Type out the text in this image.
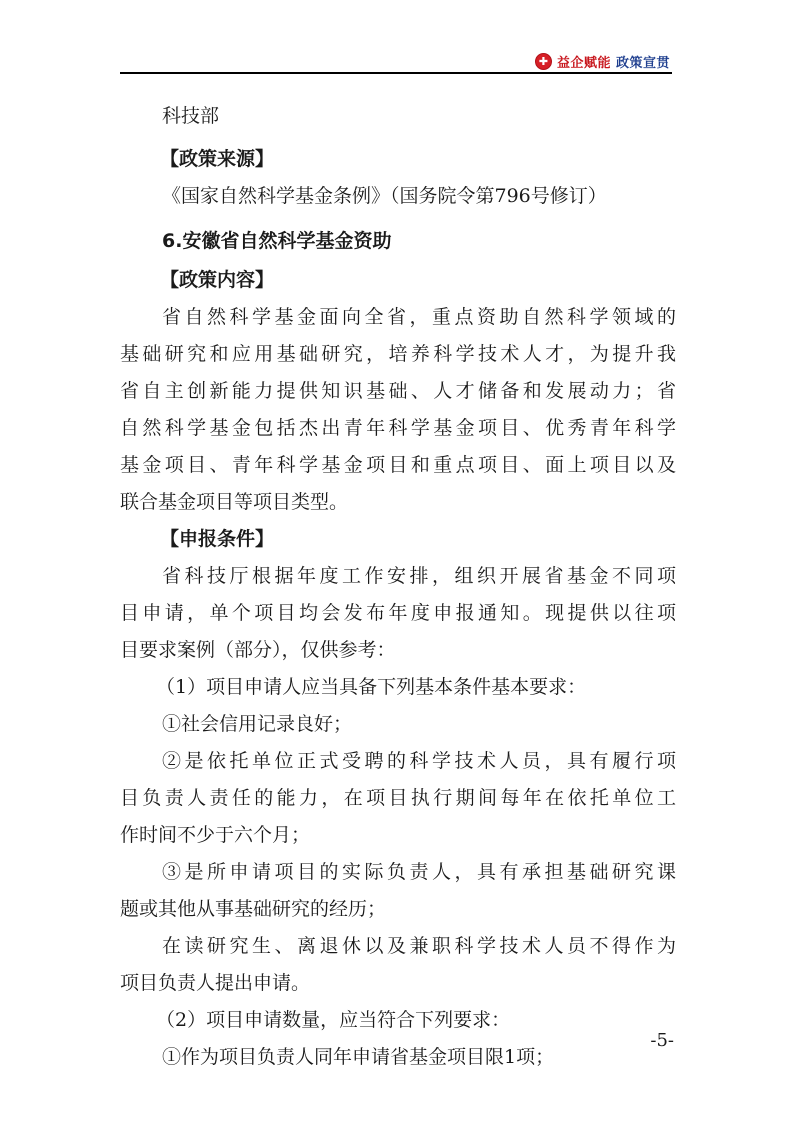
✚ 益企赋能 政策宣贯
科技部
【政策来源】
《国家自然科学基金条例》（国务院令第796号修订）
6.安徽省自然科学基金资助
【政策内容】
省自然科学基金面向全省，重点资助自然科学领域的
基础研究和应用基础研究，培养科学技术人才，为提升我
省自主创新能力提供知识基础、人才储备和发展动力；省
自然科学基金包括杰出青年科学基金项目、优秀青年科学
基金项目、青年科学基金项目和重点项目、面上项目以及
联合基金项目等项目类型。
【申报条件】
省科技厅根据年度工作安排，组织开展省基金不同项
目申请，单个项目均会发布年度申报通知。现提供以往项
目要求案例（部分），仅供参考：
（1）项目申请人应当具备下列基本条件基本要求：
①社会信用记录良好；
②是依托单位正式受聘的科学技术人员，具有履行项
目负责人责任的能力，在项目执行期间每年在依托单位工
作时间不少于六个月；
③是所申请项目的实际负责人，具有承担基础研究课
题或其他从事基础研究的经历；
在读研究生、离退休以及兼职科学技术人员不得作为
项目负责人提出申请。
（2）项目申请数量，应当符合下列要求：
①作为项目负责人同年申请省基金项目限1项；
-5-
